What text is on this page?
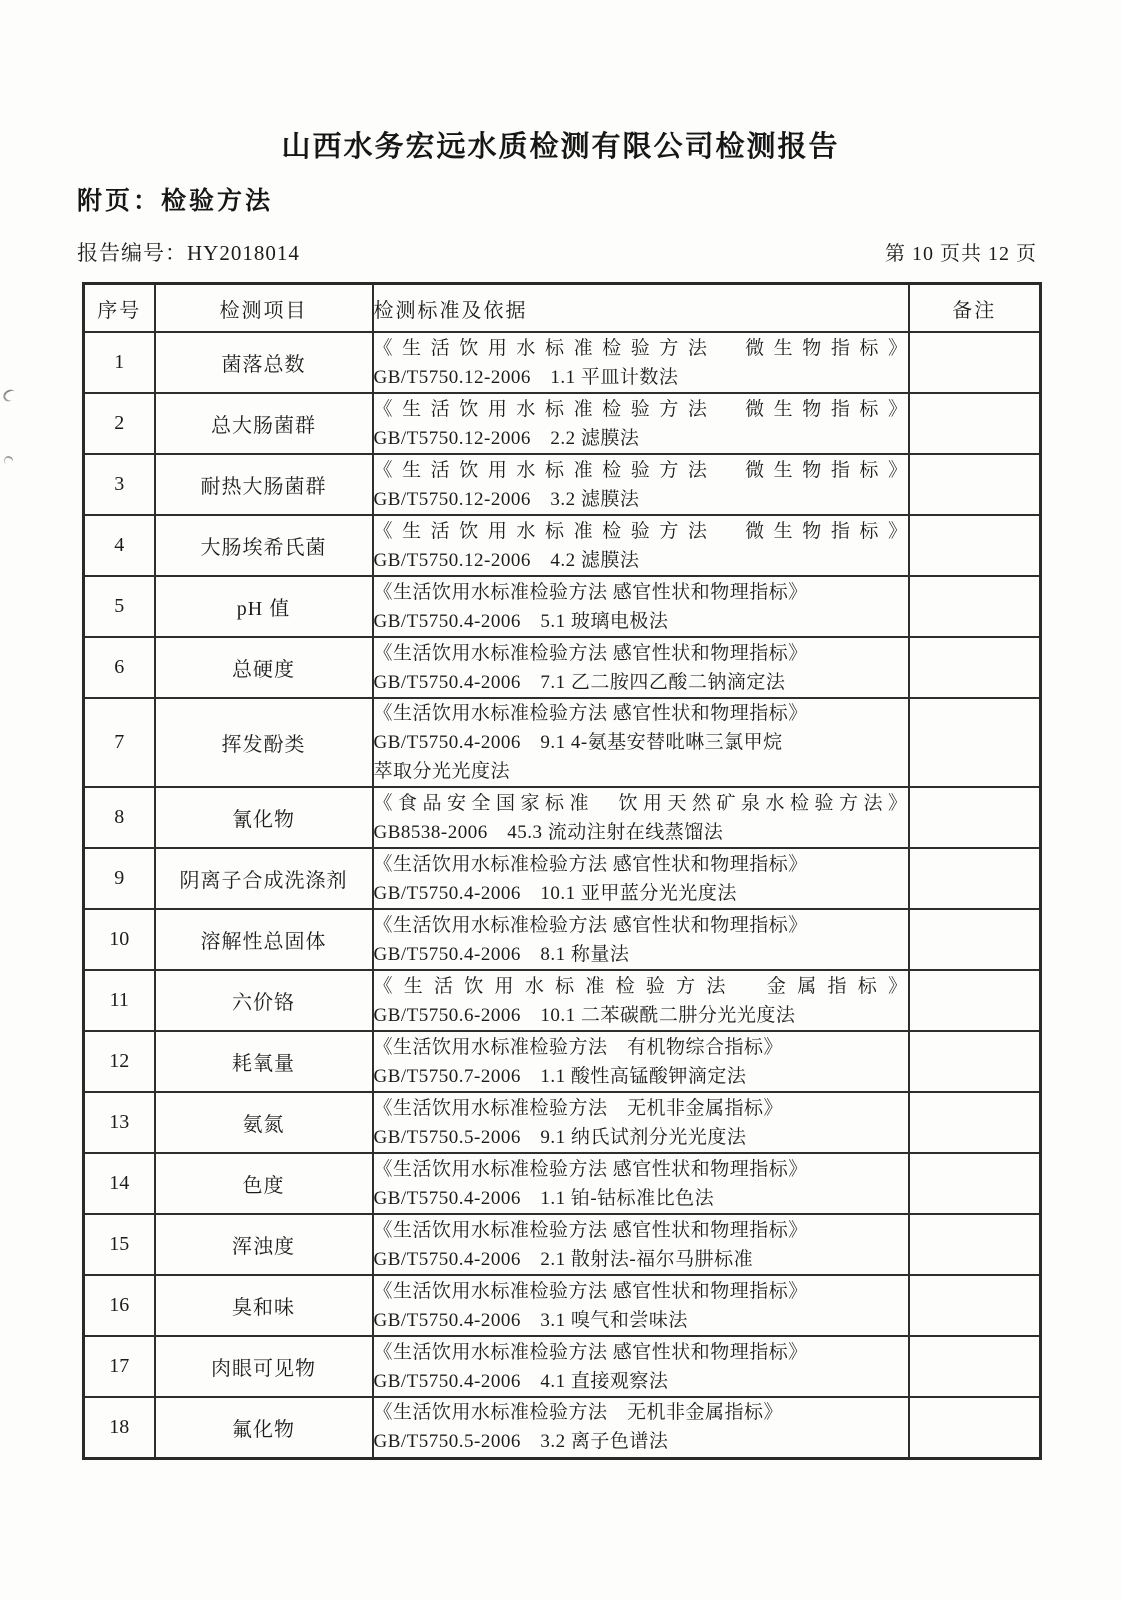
山西水务宏远水质检测有限公司检测报告
附页：检验方法
报告编号：HY2018014	第 10 页共 12 页
序号	检测项目	检测标准及依据	备注
1	菌落总数	《生活饮用水标准检验方法　微生物指标》
GB/T5750.12-2006　1.1 平皿计数法	

2	总大肠菌群	《生活饮用水标准检验方法　微生物指标》
GB/T5750.12-2006　2.2 滤膜法	

3	耐热大肠菌群	《生活饮用水标准检验方法　微生物指标》
GB/T5750.12-2006　3.2 滤膜法	

4	大肠埃希氏菌	《生活饮用水标准检验方法　微生物指标》
GB/T5750.12-2006　4.2 滤膜法	

5	pH 值	《生活饮用水标准检验方法 感官性状和物理指标》
GB/T5750.4-2006　5.1 玻璃电极法	

6	总硬度	《生活饮用水标准检验方法 感官性状和物理指标》
GB/T5750.4-2006　7.1 乙二胺四乙酸二钠滴定法	

7	挥发酚类	《生活饮用水标准检验方法 感官性状和物理指标》
GB/T5750.4-2006　9.1 4-氨基安替吡啉三氯甲烷
萃取分光光度法	

8	氰化物	《食品安全国家标准　饮用天然矿泉水检验方法》
GB8538-2006　45.3 流动注射在线蒸馏法	

9	阴离子合成洗涤剂	《生活饮用水标准检验方法 感官性状和物理指标》
GB/T5750.4-2006　10.1 亚甲蓝分光光度法	

10	溶解性总固体	《生活饮用水标准检验方法 感官性状和物理指标》
GB/T5750.4-2006　8.1 称量法	

11	六价铬	《生活饮用水标准检验方法　金属指标》
GB/T5750.6-2006　10.1 二苯碳酰二肼分光光度法	

12	耗氧量	《生活饮用水标准检验方法　有机物综合指标》
GB/T5750.7-2006　1.1 酸性高锰酸钾滴定法	

13	氨氮	《生活饮用水标准检验方法　无机非金属指标》
GB/T5750.5-2006　9.1 纳氏试剂分光光度法	

14	色度	《生活饮用水标准检验方法 感官性状和物理指标》
GB/T5750.4-2006　1.1 铂-钴标准比色法	

15	浑浊度	《生活饮用水标准检验方法 感官性状和物理指标》
GB/T5750.4-2006　2.1 散射法-福尔马肼标准	

16	臭和味	《生活饮用水标准检验方法 感官性状和物理指标》
GB/T5750.4-2006　3.1 嗅气和尝味法	

17	肉眼可见物	《生活饮用水标准检验方法 感官性状和物理指标》
GB/T5750.4-2006　4.1 直接观察法	

18	氟化物	《生活饮用水标准检验方法　无机非金属指标》
GB/T5750.5-2006　3.2 离子色谱法	
